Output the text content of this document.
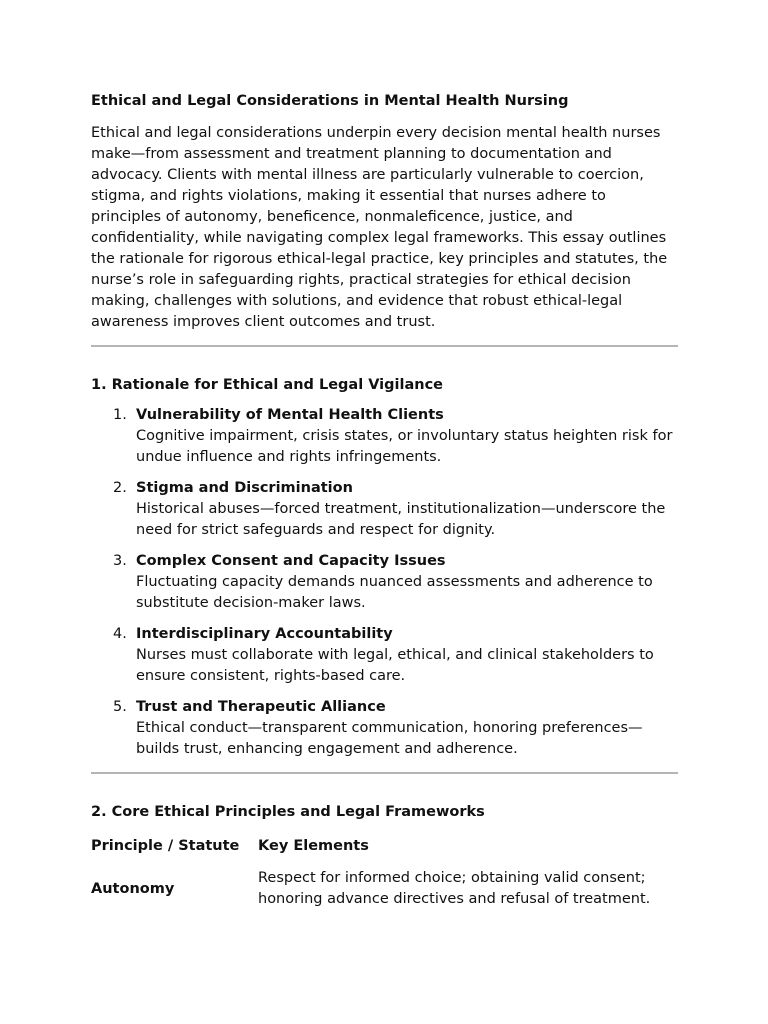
Ethical and Legal Considerations in Mental Health Nursing

Ethical and legal considerations underpin every decision mental health nurses make—from assessment and treatment planning to documentation and advocacy. Clients with mental illness are particularly vulnerable to coercion, stigma, and rights violations, making it essential that nurses adhere to principles of autonomy, beneficence, nonmaleficence, justice, and confidentiality, while navigating complex legal frameworks. This essay outlines the rationale for rigorous ethical-legal practice, key principles and statutes, the nurse’s role in safeguarding rights, practical strategies for ethical decision making, challenges with solutions, and evidence that robust ethical-legal awareness improves client outcomes and trust.

1. Rationale for Ethical and Legal Vigilance
1. Vulnerability of Mental Health Clients
Cognitive impairment, crisis states, or involuntary status heighten risk for undue influence and rights infringements.
2. Stigma and Discrimination
Historical abuses—forced treatment, institutionalization—underscore the need for strict safeguards and respect for dignity.
3. Complex Consent and Capacity Issues
Fluctuating capacity demands nuanced assessments and adherence to substitute decision-maker laws.
4. Interdisciplinary Accountability
Nurses must collaborate with legal, ethical, and clinical stakeholders to ensure consistent, rights-based care.
5. Trust and Therapeutic Alliance
Ethical conduct—transparent communication, honoring preferences—builds trust, enhancing engagement and adherence.
2. Core Ethical Principles and Legal Frameworks
Principle / Statute	Key Elements
Autonomy	Respect for informed choice; obtaining valid consent; honoring advance directives and refusal of treatment.
